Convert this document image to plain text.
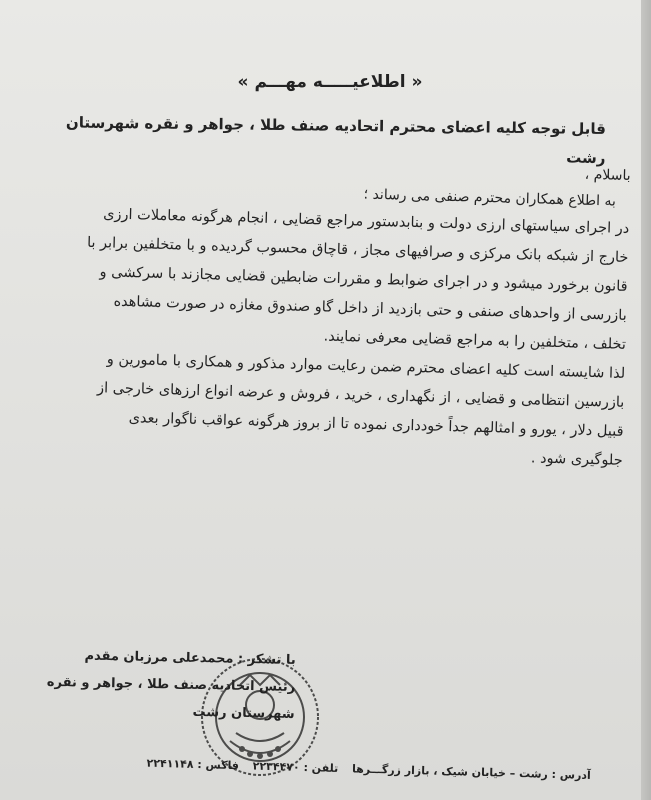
« اطلاعیـــــه مهـــم »
قابل توجه کلیه اعضای محترم اتحادیه صنف طلا ، جواهر و نقره شهرستان رشت

باسلام ،

به اطلاع همکاران محترم صنفی می رساند ؛

در اجرای سیاستهای ارزی دولت و بنابدستور مراجع قضایی ، انجام هرگونه معاملات ارزی

خارج از شبکه بانک مرکزی و صرافیهای مجاز ، قاچاق محسوب گردیده و با متخلفین برابر با

قانون برخورد میشود و در اجرای ضوابط و مقررات ضابطین قضایی مجازند با سرکشی و

بازرسی از واحدهای صنفی و حتی بازدید از داخل گاو صندوق مغازه در صورت مشاهده

تخلف ، متخلفین را به مراجع قضایی معرفی نمایند.

لذا شایسته است کلیه اعضای محترم ضمن رعایت موارد مذکور و همکاری با مامورین و

بازرسین انتظامی و قضایی ، از نگهداری ، خرید ، فروش و عرضه انواع ارزهای خارجی از

قبیل دلار ، یورو و امثالهم جداً خودداری نموده تا از بروز هرگونه عواقب ناگوار بعدی

جلوگیری شود .

با تشکر : محمدعلی مرزبان مقدم
رئیس اتحادیه صنف طلا ، جواهر و نقره شهرستان رشت
آدرس : رشت – خیابان شیک ، بازار زرگـــرها تلفن : ۲۲۳۴۴۷۰ فاکس : ۲۲۴۱۱۴۸
